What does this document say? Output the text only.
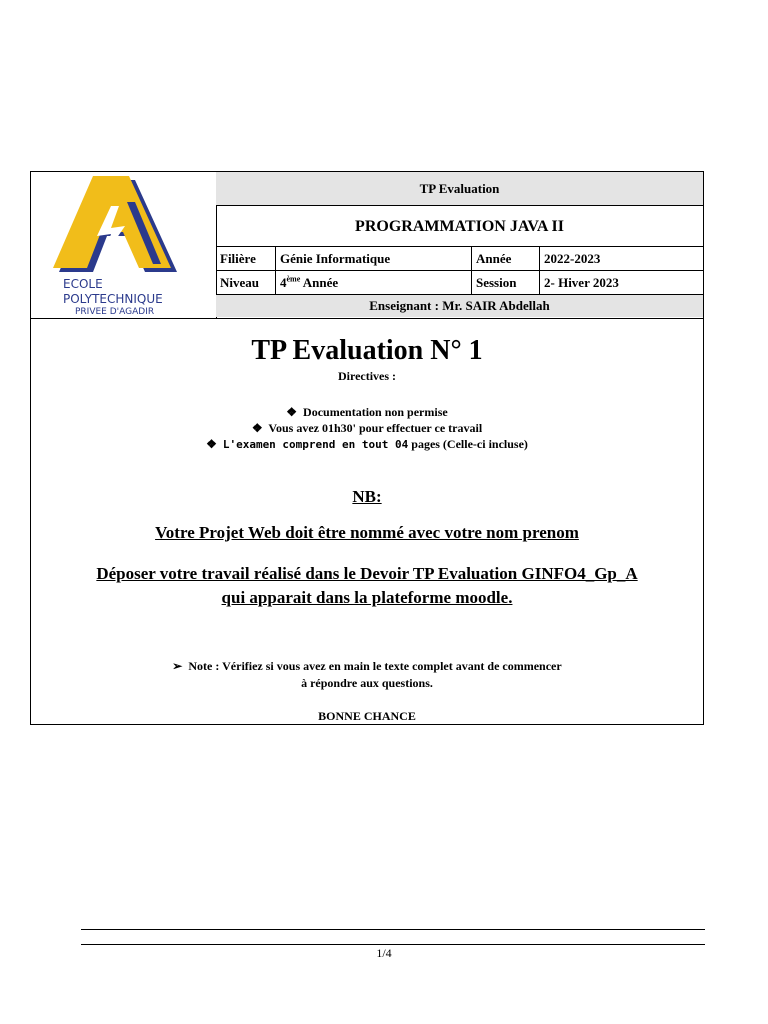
ECOLE
POLYTECHNIQUE
PRIVEE D'AGADIR
TP Evaluation
PROGRAMMATION JAVA II
Filière	Génie Informatique	Année	2022-2023
Niveau	4ème Année	Session	2- Hiver 2023
Enseignant : Mr. SAIR Abdellah
TP Evaluation N° 1
Directives :
❖ Documentation non permise
❖ Vous avez 01h30' pour effectuer ce travail
❖ L'examen comprend en tout 04 pages (Celle-ci incluse)
NB:
Votre Projet Web doit être nommé avec votre nom prenom
Déposer votre travail réalisé dans le Devoir TP Evaluation GINFO4_Gp_A
qui apparait dans la plateforme moodle.
➢ Note : Vérifiez si vous avez en main le texte complet avant de commencer
à répondre aux questions.
BONNE CHANCE
1/4
